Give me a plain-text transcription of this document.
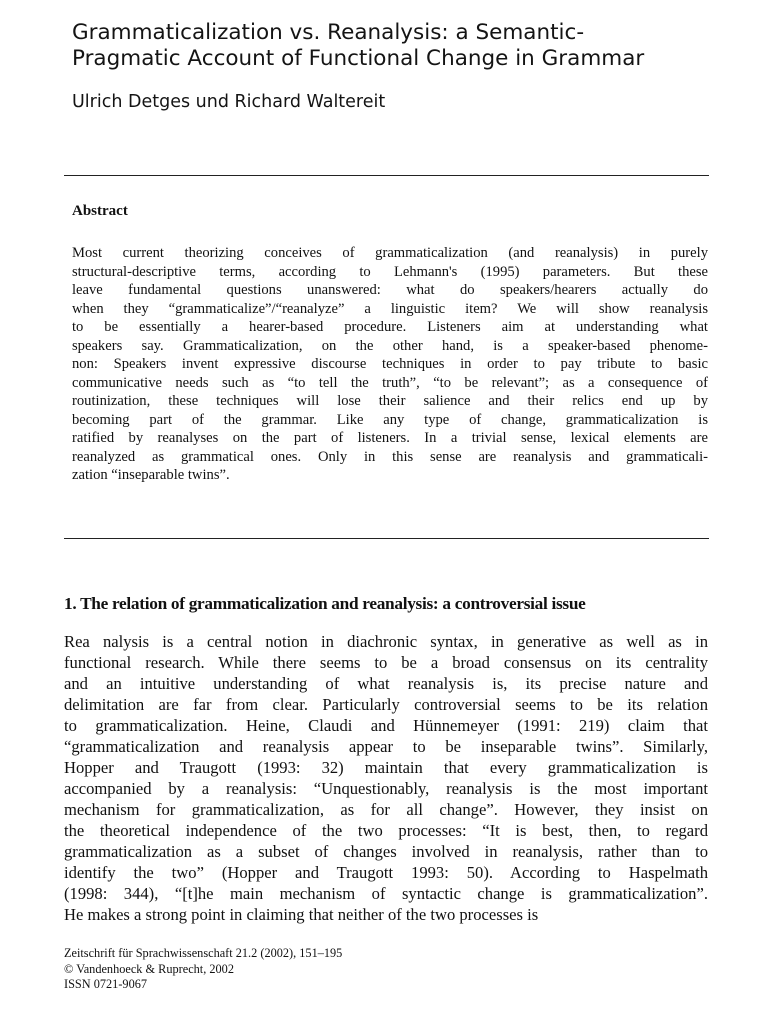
Grammaticalization vs. Reanalysis: a Semantic-
Pragmatic Account of Functional Change in Grammar
Ulrich Detges und Richard Waltereit
Abstract
Most current theorizing conceives of grammaticalization (and reanalysis) in purely
structural-descriptive terms, according to Lehmann's (1995) parameters. But these
leave fundamental questions unanswered: what do speakers/hearers actually do
when they “grammaticalize”/“reanalyze” a linguistic item? We will show reanalysis
to be essentially a hearer-based procedure. Listeners aim at understanding what
speakers say. Grammaticalization, on the other hand, is a speaker-based phenome-
non: Speakers invent expressive discourse techniques in order to pay tribute to basic
communicative needs such as “to tell the truth”, “to be relevant”; as a consequence of
routinization, these techniques will lose their salience and their relics end up by
becoming part of the grammar. Like any type of change, grammaticalization is
ratified by reanalyses on the part of listeners. In a trivial sense, lexical elements are
reanalyzed as grammatical ones. Only in this sense are reanalysis and grammaticali-
zation “inseparable twins”.
1. The relation of grammaticalization and reanalysis: a controversial issue
Rea nalysis is a central notion in diachronic syntax, in generative as well as in
functional research. While there seems to be a broad consensus on its centrality
and an intuitive understanding of what reanalysis is, its precise nature and
delimitation are far from clear. Particularly controversial seems to be its relation
to grammaticalization. Heine, Claudi and Hünnemeyer (1991: 219) claim that
“grammaticalization and reanalysis appear to be inseparable twins”. Similarly,
Hopper and Traugott (1993: 32) maintain that every grammaticalization is
accompanied by a reanalysis: “Unquestionably, reanalysis is the most important
mechanism for grammaticalization, as for all change”. However, they insist on
the theoretical independence of the two processes: “It is best, then, to regard
grammaticalization as a subset of changes involved in reanalysis, rather than to
identify the two” (Hopper and Traugott 1993: 50). According to Haspelmath
(1998: 344), “[t]he main mechanism of syntactic change is grammaticalization”.
He makes a strong point in claiming that neither of the two processes is
Zeitschrift für Sprachwissenschaft 21.2 (2002), 151–195
© Vandenhoeck & Ruprecht, 2002
ISSN 0721-9067
